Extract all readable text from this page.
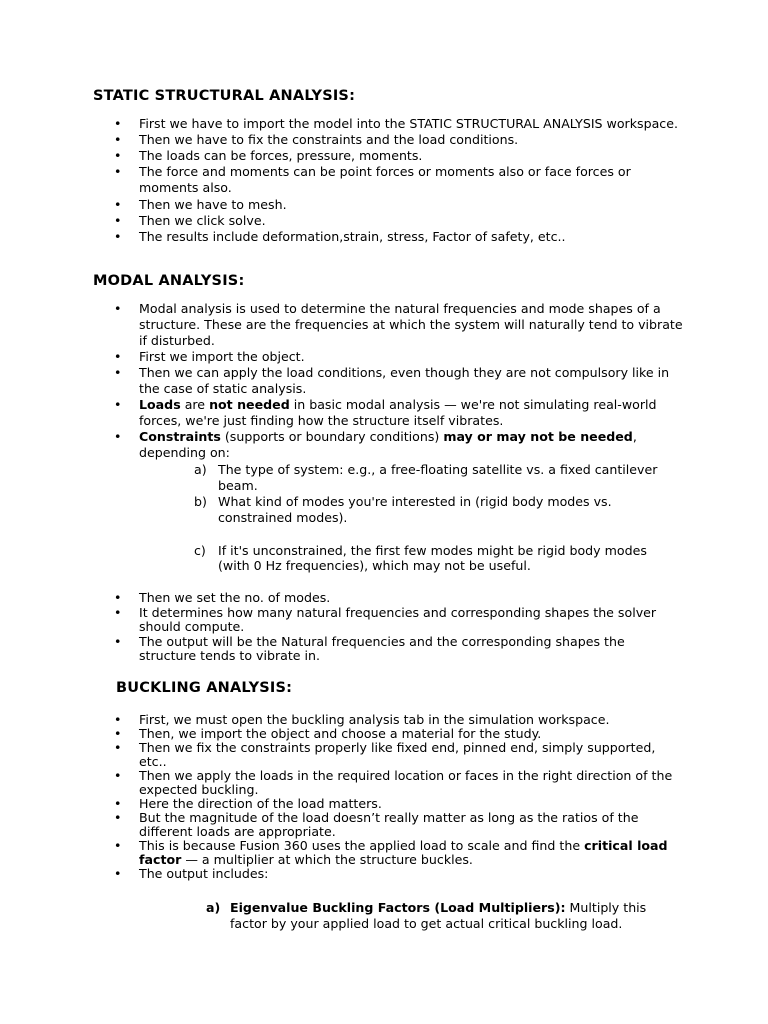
STATIC STRUCTURAL ANALYSIS:
• First we have to import the model into the STATIC STRUCTURAL ANALYSIS workspace.
• Then we have to fix the constraints and the load conditions.
• The loads can be forces, pressure, moments.
• The force and moments can be point forces or moments also or face forces or moments also.
• Then we have to mesh.
• Then we click solve.
• The results include deformation,strain, stress, Factor of safety, etc..
MODAL ANALYSIS:
• Modal analysis is used to determine the natural frequencies and mode shapes of a structure. These are the frequencies at which the system will naturally tend to vibrate if disturbed.
• First we import the object.
• Then we can apply the load conditions, even though they are not compulsory like in the case of static analysis.
• Loads are not needed in basic modal analysis — we're not simulating real-world forces, we're just finding how the structure itself vibrates.
• Constraints (supports or boundary conditions) may or may not be needed, depending on:
a) The type of system: e.g., a free-floating satellite vs. a fixed cantilever beam.
b) What kind of modes you're interested in (rigid body modes vs. constrained modes).
c) If it's unconstrained, the first few modes might be rigid body modes (with 0 Hz frequencies), which may not be useful.
• Then we set the no. of modes.
• It determines how many natural frequencies and corresponding shapes the solver should compute.
• The output will be the Natural frequencies and the corresponding shapes the structure tends to vibrate in.
BUCKLING ANALYSIS:
• First, we must open the buckling analysis tab in the simulation workspace.
• Then, we import the object and choose a material for the study.
• Then we fix the constraints properly like fixed end, pinned end, simply supported, etc..
• Then we apply the loads in the required location or faces in the right direction of the expected buckling.
• Here the direction of the load matters.
• But the magnitude of the load doesn’t really matter as long as the ratios of the different loads are appropriate.
• This is because Fusion 360 uses the applied load to scale and find the critical load factor — a multiplier at which the structure buckles.
• The output includes:
a) Eigenvalue Buckling Factors (Load Multipliers): Multiply this factor by your applied load to get actual critical buckling load.
